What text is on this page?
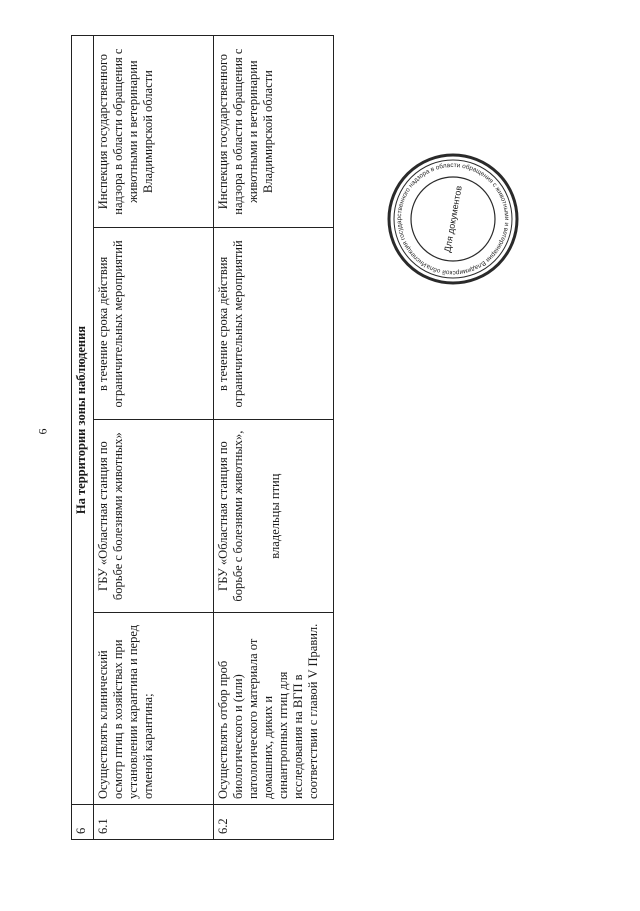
6
6	На территории зоны наблюдения			
6.1	Осуществлять клинический осмотр птиц в хозяйствах при установлении карантина и перед отменой карантина;	ГБУ «Областная станция по борьбе с болезнями животных»	в течение срока действия ограничительных мероприятий	Инспекция государственного надзора в области обращения с животными и ветеринарии Владимирской области
6.2	Осуществлять отбор проб биологического и (или) патологического материала от домашних, диких и синантропных птиц для исследования на ВГП в соответствии с главой V Правил.	ГБУ «Областная станция по борьбе с болезнями животных», владельцы птиц	в течение срока действия ограничительных мероприятий	Инспекция государственного надзора в области обращения с животными и ветеринарии Владимирской области
Инспекция государственного надзора в области обращения с животными и ветеринарии Владимирской области	Для документов
